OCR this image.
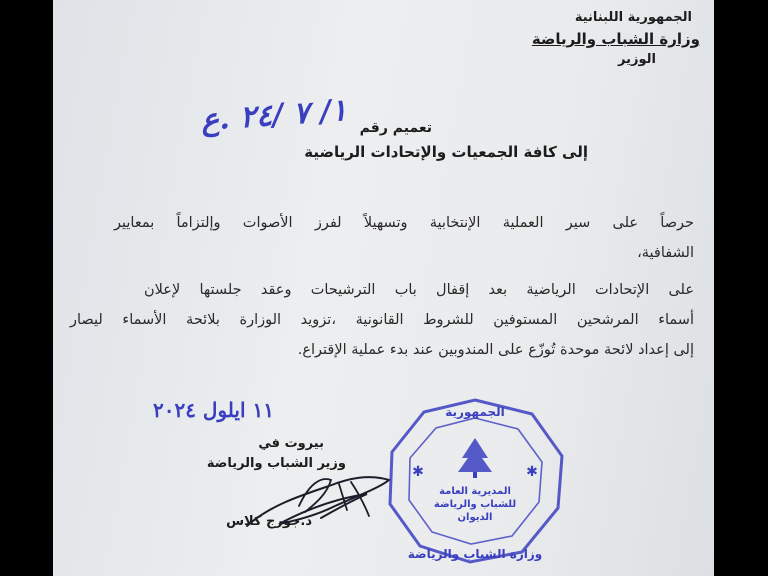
الجمهورية اللبنانية
وزارة الشباب والرياضة
الوزير
تعميم رقم
١/ ٧ /٢٤ .ع
إلى كافة الجمعيات والإتحادات الرياضية
حرصاً على سير العملية الإنتخابية وتسهيلاً لفرز الأصوات وإلتزاماً بمعايير
الشفافية،
على الإتحادات الرياضية بعد إقفال باب الترشيحات وعقد جلستها لإعلان
أسماء المرشحين المستوفين للشروط القانونية ،تزويد الوزارة بلائحة الأسماء ليصار
إلى إعداد لائحة موحدة تُوزّع على المندوبين عند بدء عملية الإقتراع.
١١ ايلول ٢٠٢٤
بيروت في
وزير الشباب والرياضة
د.جورج كلاس
الجمهورية
وزارة الشباب والرياضة
المديرية العامة
للشباب والرياضة
الديوان
✱
✱
